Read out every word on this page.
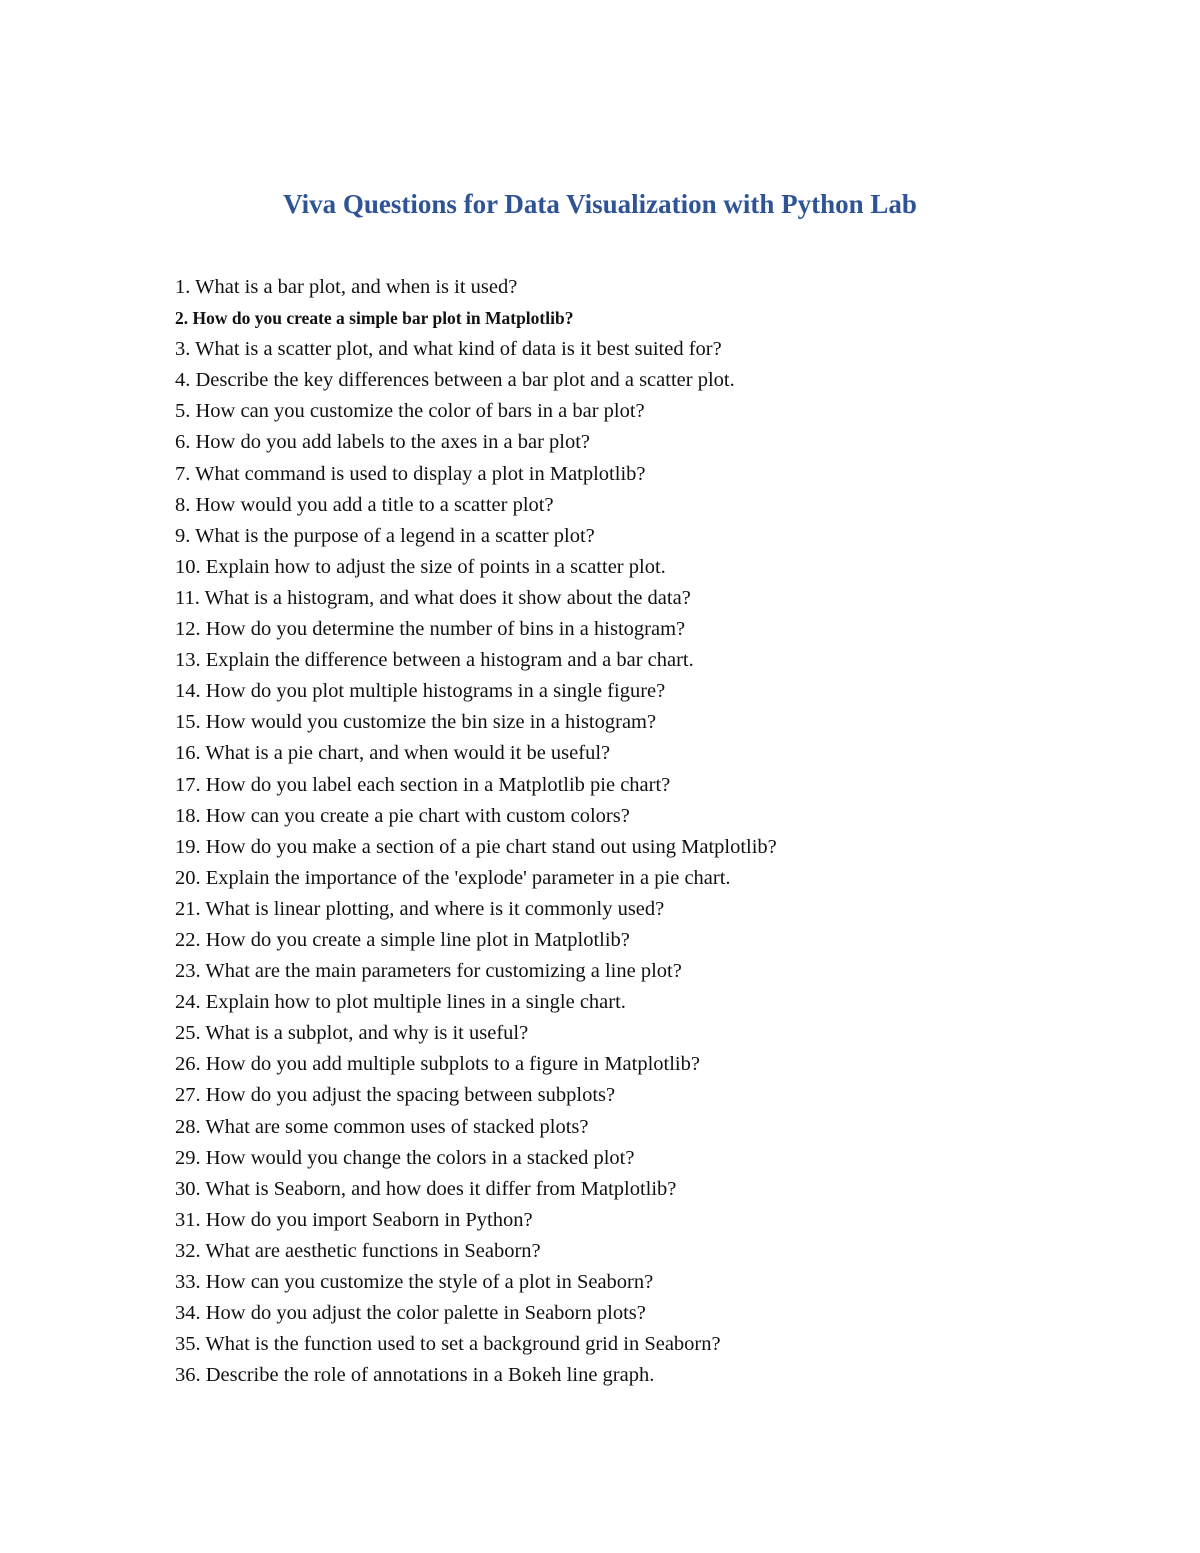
Viva Questions for Data Visualization with Python Lab
1. What is a bar plot, and when is it used?
2. How do you create a simple bar plot in Matplotlib?
3. What is a scatter plot, and what kind of data is it best suited for?
4. Describe the key differences between a bar plot and a scatter plot.
5. How can you customize the color of bars in a bar plot?
6. How do you add labels to the axes in a bar plot?
7. What command is used to display a plot in Matplotlib?
8. How would you add a title to a scatter plot?
9. What is the purpose of a legend in a scatter plot?
10. Explain how to adjust the size of points in a scatter plot.
11. What is a histogram, and what does it show about the data?
12. How do you determine the number of bins in a histogram?
13. Explain the difference between a histogram and a bar chart.
14. How do you plot multiple histograms in a single figure?
15. How would you customize the bin size in a histogram?
16. What is a pie chart, and when would it be useful?
17. How do you label each section in a Matplotlib pie chart?
18. How can you create a pie chart with custom colors?
19. How do you make a section of a pie chart stand out using Matplotlib?
20. Explain the importance of the 'explode' parameter in a pie chart.
21. What is linear plotting, and where is it commonly used?
22. How do you create a simple line plot in Matplotlib?
23. What are the main parameters for customizing a line plot?
24. Explain how to plot multiple lines in a single chart.
25. What is a subplot, and why is it useful?
26. How do you add multiple subplots to a figure in Matplotlib?
27. How do you adjust the spacing between subplots?
28. What are some common uses of stacked plots?
29. How would you change the colors in a stacked plot?
30. What is Seaborn, and how does it differ from Matplotlib?
31. How do you import Seaborn in Python?
32. What are aesthetic functions in Seaborn?
33. How can you customize the style of a plot in Seaborn?
34. How do you adjust the color palette in Seaborn plots?
35. What is the function used to set a background grid in Seaborn?
36. Describe the role of annotations in a Bokeh line graph.
